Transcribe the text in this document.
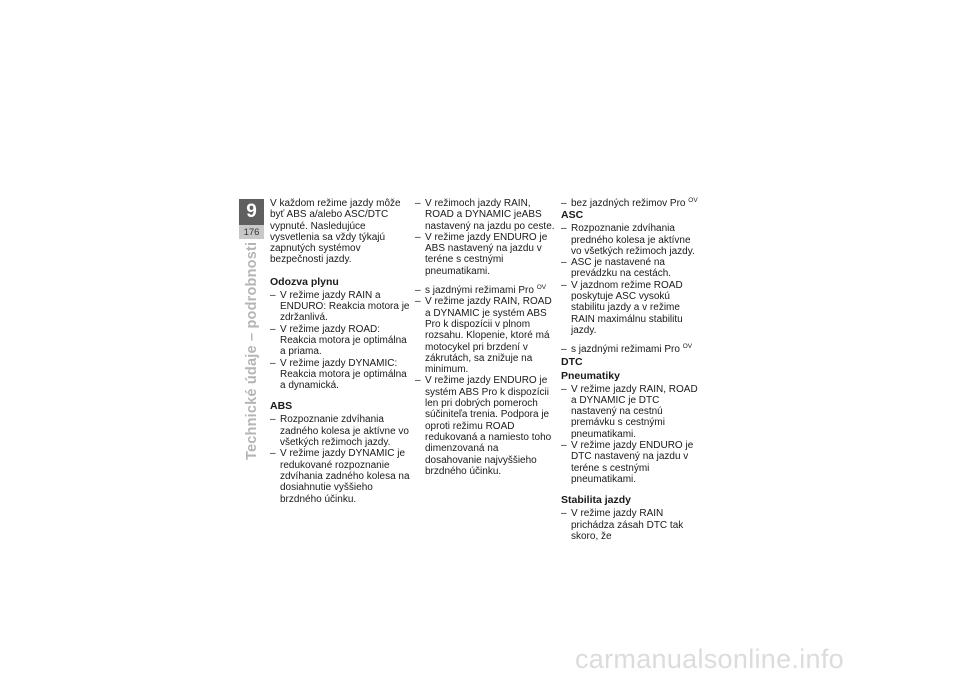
9
176
Technické údaje – podrobnosti

V každom režime jazdy môže byť ABS a/alebo ASC/DTC vypnuté. Nasledujúce vysvetlenia sa vždy týkajú zapnutých systémov bezpečnosti jazdy.

Odozva plynu
– V režime jazdy RAIN a ENDURO: Reakcia motora je zdržanlivá.
– V režime jazdy ROAD: Reakcia motora je optimálna a priama.
– V režime jazdy DYNAMIC: Reakcia motora je optimálna a dynamická.
ABS
– Rozpoznanie zdvíhania zadného kolesa je aktívne vo všetkých režimoch jazdy.
– V režime jazdy DYNAMIC je redukované rozpoznanie zdvíhania zadného kolesa na dosiahnutie vyššieho brzdného účinku.
– V režimoch jazdy RAIN, ROAD a DYNAMIC jeABS nastavený na jazdu po ceste.
– V režime jazdy ENDURO je ABS nastavený na jazdu v teréne s cestnými pneumatikami.
– s jazdnými režimami Pro $^{OV}$
– V režime jazdy RAIN, ROAD a DYNAMIC je systém ABS Pro k dispozícii v plnom rozsahu. Klopenie, ktoré má motocykel pri brzdení v zákrutách, sa znižuje na minimum.
– V režime jazdy ENDURO je systém ABS Pro k dispozícii len pri dobrých pomeroch súčiniteľa trenia. Podpora je oproti režimu ROAD redukovaná a namiesto toho dimenzovaná na dosahovanie najvyššieho brzdného účinku.
– bez jazdných režimov Pro $^{OV}$
ASC
– Rozpoznanie zdvíhania predného kolesa je aktívne vo všetkých režimoch jazdy.
– ASC je nastavené na prevádzku na cestách.
– V jazdnom režime ROAD poskytuje ASC vysokú stabilitu jazdy a v režime RAIN maximálnu stabilitu jazdy.
– s jazdnými režimami Pro $^{OV}$
DTC
Pneumatiky
– V režime jazdy RAIN, ROAD a DYNAMIC je DTC nastavený na cestnú premávku s cestnými pneumatikami.
– V režime jazdy ENDURO je DTC nastavený na jazdu v teréne s cestnými pneumatikami.
Stabilita jazdy
– V režime jazdy RAIN prichádza zásah DTC tak skoro, že
carmanualsonline.info
